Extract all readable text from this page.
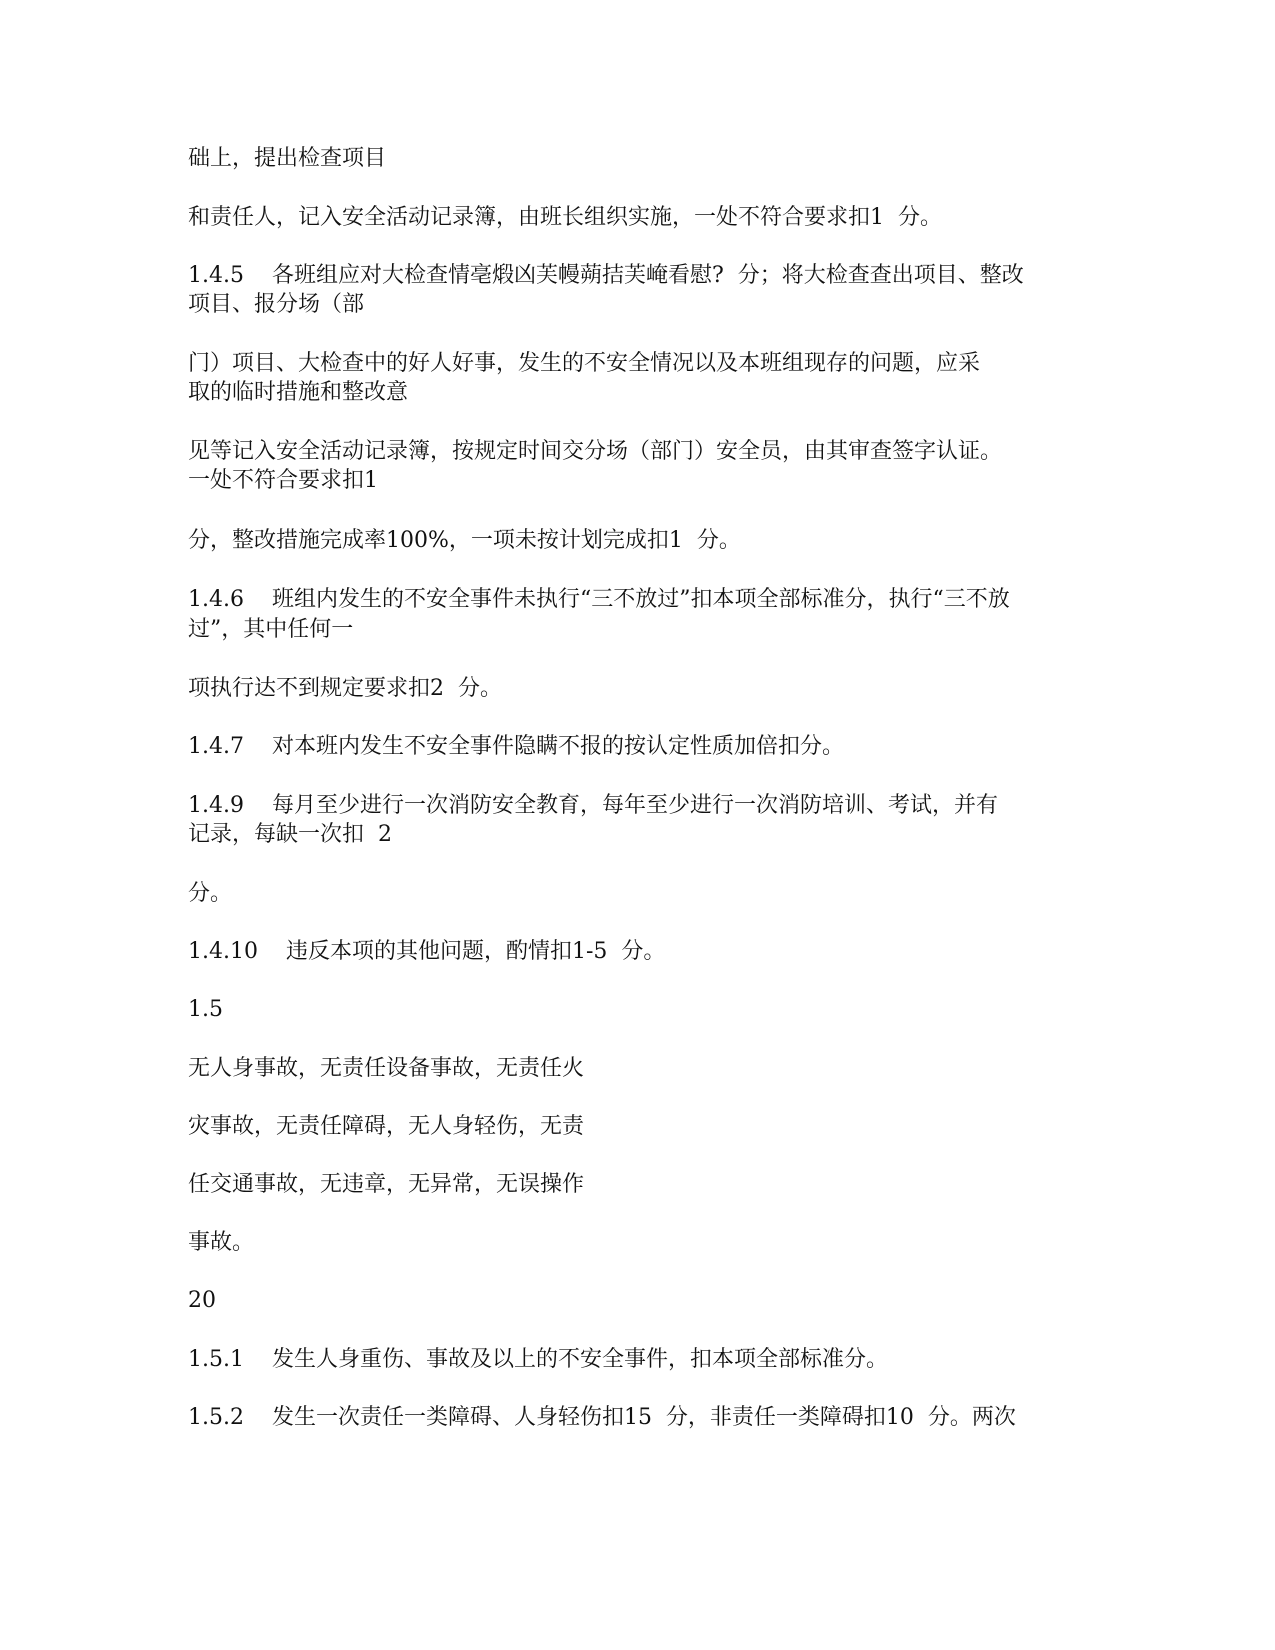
础上，提出检查项目
和责任人，记入安全活动记录簿，由班长组织实施，一处不符合要求扣1  分。
1.4.5    各班组应对大检查情亳煅凶芙幔蒴拮芙崦看慰?  分；将大检查查出项目、整改
项目、报分场（部
门）项目、大检查中的好人好事，发生的不安全情况以及本班组现存的问题，应采
取的临时措施和整改意
见等记入安全活动记录簿，按规定时间交分场（部门）安全员，由其审查签字认证。
一处不符合要求扣1
分，整改措施完成率100%，一项未按计划完成扣1  分。
1.4.6    班组内发生的不安全事件未执行“三不放过”扣本项全部标准分，执行“三不放
过”，其中任何一
项执行达不到规定要求扣2  分。
1.4.7    对本班内发生不安全事件隐瞒不报的按认定性质加倍扣分。
1.4.9    每月至少进行一次消防安全教育，每年至少进行一次消防培训、考试，并有
记录，每缺一次扣  2
分。
1.4.10    违反本项的其他问题，酌情扣1-5  分。
1.5
无人身事故，无责任设备事故，无责任火
灾事故，无责任障碍，无人身轻伤，无责
任交通事故，无违章，无异常，无误操作
事故。
20
1.5.1    发生人身重伤、事故及以上的不安全事件，扣本项全部标准分。
1.5.2    发生一次责任一类障碍、人身轻伤扣15  分，非责任一类障碍扣10  分。两次
